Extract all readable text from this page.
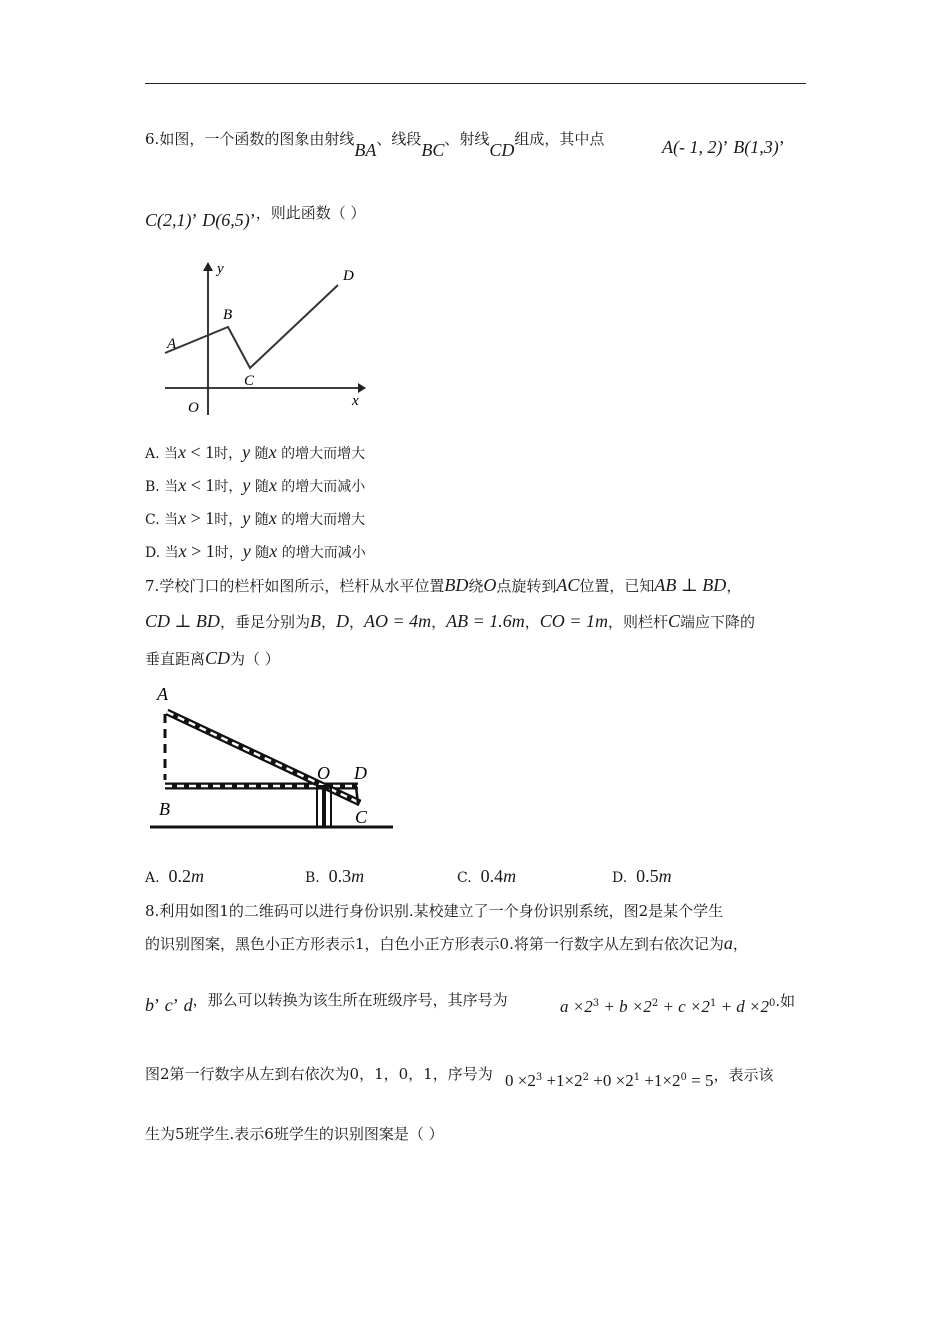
6.如图，一个函数的图象由射线BA、线段BC、射线CD组成，其中点	A(- 1, 2)’ B(1,3)’
C(2,1)’ D(6,5)’，则此函数（ ）
y
x
O
A
B
C
D
A. 当x < 1时，y 随x 的增大而增大
B. 当x < 1时，y 随x 的增大而减小
C. 当x > 1时，y 随x 的增大而增大
D. 当x > 1时，y 随x 的增大而减小
7.学校门口的栏杆如图所示，栏杆从水平位置BD绕O点旋转到AC位置，已知AB ⊥ BD，
CD ⊥ BD，垂足分别为B，D，AO = 4m，AB = 1.6m，CO = 1m，则栏杆C端应下降的
垂直距离CD为（ ）
A
B
O D
C
A. 0.2m	B. 0.3m	C. 0.4m	D. 0.5m
8.利用如图1的二维码可以进行身份识别.某校建立了一个身份识别系统，图2是某个学生
的识别图案，黑色小正方形表示1，白色小正方形表示0.将第一行数字从左到右依次记为a，
b’ c’ d，那么可以转换为该生所在班级序号，其序号为	$a \times 2^3 + b \times 2^2 + c \times 2^1 + d \times 2^0$.如
图2第一行数字从左到右依次为0，1，0，1，序号为 $0 \times 2^3 +1\times 2^2 +0 \times 2^1 +1\times 2^0 = 5$，表示该
生为5班学生.表示6班学生的识别图案是（ ）
